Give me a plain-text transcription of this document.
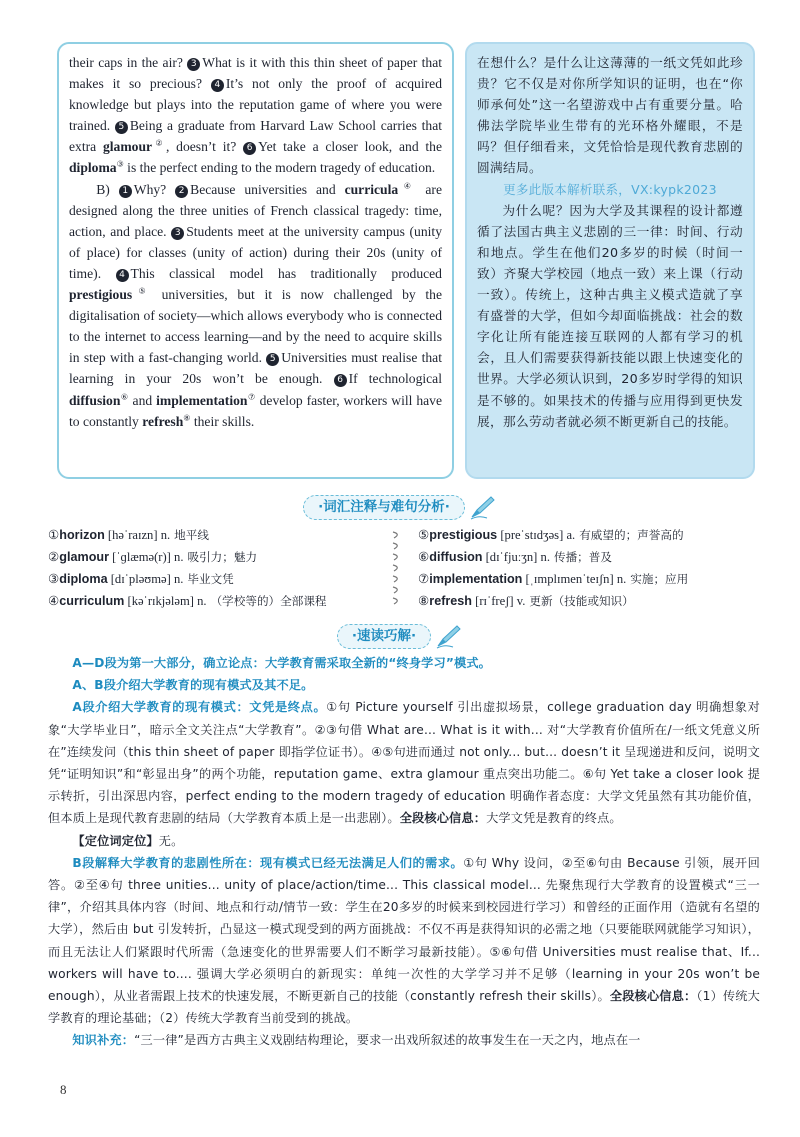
their caps in the air? 3 What is it with this thin sheet of paper that makes it so precious? 4 It’s not only the proof of acquired knowledge but plays into the reputation game of where you were trained. 5 Being a graduate from Harvard Law School carries that extra glamour②, doesn’t it? 6 Yet take a closer look, and the diploma③ is the perfect ending to the modern tragedy of education.

B) 1 Why? 2 Because universities and curricula④ are designed along the three unities of French classical tragedy: time, action, and place. 3 Students meet at the university campus (unity of place) for classes (unity of action) during their 20s (unity of time). 4 This classical model has traditionally produced prestigious⑤ universities, but it is now challenged by the digitalisation of society—which allows everybody who is connected to the internet to access learning—and by the need to acquire skills in step with a fast-changing world. 5 Universities must realise that learning in your 20s won’t be enough. 6 If technological diffusion⑥ and implementation⑦ develop faster, workers will have to constantly refresh⑧ their skills.

在想什么？是什么让这薄薄的一纸文凭如此珍贵？它不仅是对你所学知识的证明，也在“你师承何处”这一名望游戏中占有重要分量。哈佛法学院毕业生带有的光环格外耀眼，不是吗？但仔细看来，文凭恰恰是现代教育悲剧的圆满结局。

更多此版本解析联系，VX:kypk2023

为什么呢？因为大学及其课程的设计都遵循了法国古典主义悲剧的三一律：时间、行动和地点。学生在他们20多岁的时候（时间一致）齐聚大学校园（地点一致）来上课（行动一致）。传统上，这种古典主义模式造就了享有盛誉的大学，但如今却面临挑战：社会的数字化让所有能连接互联网的人都有学习的机会，且人们需要获得新技能以跟上快速变化的世界。大学必须认识到，20多岁时学得的知识是不够的。如果技术的传播与应用得到更快发展，那么劳动者就必须不断更新自己的技能。

·词汇注释与难句分析·
①horizon [həˈraɪzn] n. 地平线
②glamour [ˈɡlæmə(r)] n. 吸引力；魅力
③diploma [dɪˈpləʊmə] n. 毕业文凭
④curriculum [kəˈrɪkjələm] n. （学校等的）全部课程
⑤prestigious [preˈstɪdʒəs] a. 有威望的；声誉高的
⑥diffusion [dɪˈfjuːʒn] n. 传播；普及
⑦implementation [ˌɪmplɪmenˈteɪʃn] n. 实施；应用
⑧refresh [rɪˈfreʃ] v. 更新（技能或知识）
·速读巧解·

A—D段为第一大部分，确立论点：大学教育需采取全新的“终身学习”模式。

A、B段介绍大学教育的现有模式及其不足。

A段介绍大学教育的现有模式：文凭是终点。①句 Picture yourself 引出虚拟场景，college graduation day 明确想象对象“大学毕业日”，暗示全文关注点“大学教育”。②③句借 What are... What is it with... 对“大学教育价值所在/一纸文凭意义所在”连续发问（this thin sheet of paper 即指学位证书）。④⑤句进而通过 not only... but... doesn’t it 呈现递进和反问，说明文凭“证明知识”和“彰显出身”的两个功能，reputation game、extra glamour 重点突出功能二。⑥句 Yet take a closer look 提示转折，引出深思内容，perfect ending to the modern tragedy of education 明确作者态度：大学文凭虽然有其功能价值，但本质上是现代教育悲剧的结局（大学教育本质上是一出悲剧）。全段核心信息：大学文凭是教育的终点。

【定位词定位】无。

B段解释大学教育的悲剧性所在：现有模式已经无法满足人们的需求。①句 Why 设问，②至⑥句由 Because 引领，展开回答。②至④句 three unities... unity of place/action/time... This classical model... 先聚焦现行大学教育的设置模式“三一律”，介绍其具体内容（时间、地点和行动/情节一致：学生在20多岁的时候来到校园进行学习）和曾经的正面作用（造就有名望的大学），然后由 but 引发转折，凸显这一模式现受到的两方面挑战：不仅不再是获得知识的必需之地（只要能联网就能学习知识），而且无法让人们紧跟时代所需（急速变化的世界需要人们不断学习最新技能）。⑤⑥句借 Universities must realise that、If... workers will have to.... 强调大学必须明白的新现实：单纯一次性的大学学习并不足够（learning in your 20s won’t be enough），从业者需跟上技术的快速发展，不断更新自己的技能（constantly refresh their skills）。全段核心信息：（1）传统大学教育的理论基础；（2）传统大学教育当前受到的挑战。

知识补充：“三一律”是西方古典主义戏剧结构理论，要求一出戏所叙述的故事发生在一天之内，地点在一

8
